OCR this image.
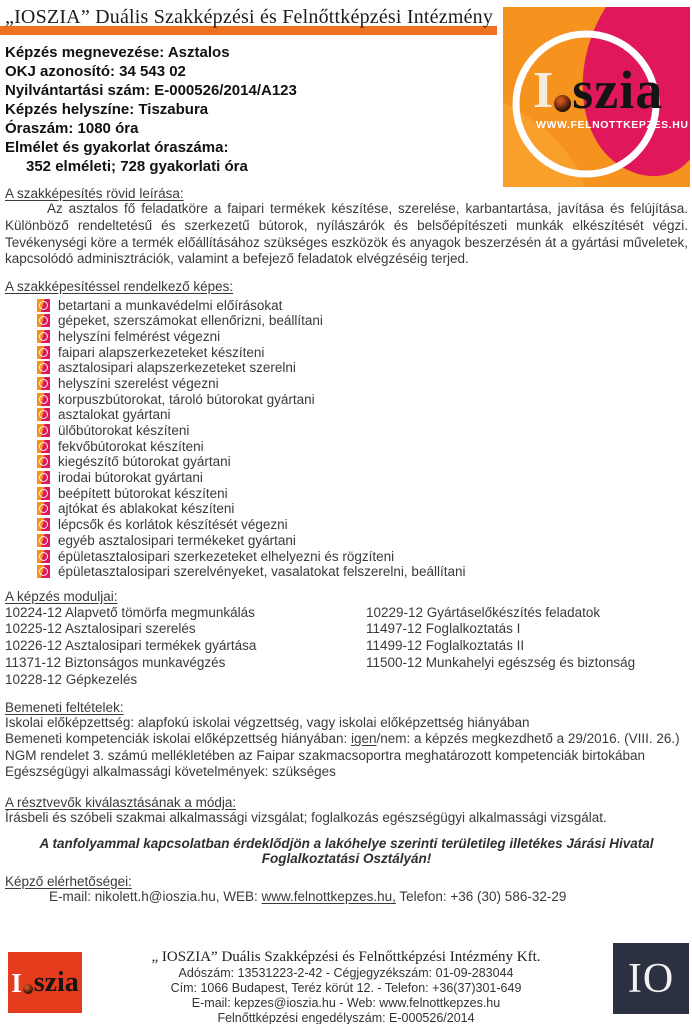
„IOSZIA” Duális Szakképzési és Felnőttképzési Intézmény
I szia
WWW.FELNOTTKEPZES.HU
Képzés megnevezése: Asztalos
OKJ azonosító: 34 543 02
Nyilvántartási szám: E-000526/2014/A123
Képzés helyszíne: Tiszabura
Óraszám: 1080 óra
Elmélet és gyakorlat óraszáma:
352 elméleti; 728 gyakorlati óra
A szakképesítés rövid leírása:
Az asztalos fő feladatköre a faipari termékek készítése, szerelése, karbantartása, javítása és felújítása. Különböző rendeltetésű és szerkezetű bútorok, nyílászárók és belsőépítészeti munkák elkészítését végzi. Tevékenységi köre a termék előállításához szükséges eszközök és anyagok beszerzésén át a gyártási műveletek, kapcsolódó adminisztrációk, valamint a befejező feladatok elvégzéséig terjed.
A szakképesítéssel rendelkező képes:
betartani a munkavédelmi előírásokat
gépeket, szerszámokat ellenőrizni, beállítani
helyszíni felmérést végezni
faipari alapszerkezeteket készíteni
asztalosipari alapszerkezeteket szerelni
helyszíni szerelést végezni
korpuszbútorokat, tároló bútorokat gyártani
asztalokat gyártani
ülőbútorokat készíteni
fekvőbútorokat készíteni
kiegészítő bútorokat gyártani
irodai bútorokat gyártani
beépített bútorokat készíteni
ajtókat és ablakokat készíteni
lépcsők és korlátok készítését végezni
egyéb asztalosipari termékeket gyártani
épületasztalosipari szerkezeteket elhelyezni és rögzíteni
épületasztalosipari szerelvényeket, vasalatokat felszerelni, beállítani
A képzés moduljai:
10224-12 Alapvető tömörfa megmunkálás
10225-12 Asztalosipari szerelés
10226-12 Asztalosipari termékek gyártása
11371-12 Biztonságos munkavégzés
10228-12 Gépkezelés
10229-12 Gyártáselőkészítés feladatok
11497-12 Foglalkoztatás I
11499-12 Foglalkoztatás II
11500-12 Munkahelyi egészség és biztonság
Bemeneti feltételek:
Iskolai előképzettség: alapfokú iskolai végzettség, vagy iskolai előképzettség hiányában
Bemeneti kompetenciák iskolai előképzettség hiányában: igen/nem: a képzés megkezdhető a 29/2016. (VIII. 26.)
NGM rendelet 3. számú mellékletében az Faipar szakmacsoportra meghatározott kompetenciák birtokában
Egészségügyi alkalmassági követelmények: szükséges
A résztvevők kiválasztásának a módja:
Írásbeli és szóbeli szakmai alkalmassági vizsgálat; foglalkozás egészségügyi alkalmassági vizsgálat.
A tanfolyammal kapcsolatban érdeklődjön a lakóhelye szerinti területileg illetékes Járási Hivatal Foglalkoztatási Osztályán!
Képző elérhetőségei:
E-mail: nikolett.h@ioszia.hu, WEB: www.felnottkepzes.hu, Telefon: +36 (30) 586-32-29
I szia
„ IOSZIA” Duális Szakképzési és Felnőttképzési Intézmény Kft.
Adószám: 13531223-2-42 - Cégjegyzékszám: 01-09-283044
Cím: 1066 Budapest, Teréz körút 12. - Telefon: +36(37)301-649
E-mail: kepzes@ioszia.hu - Web: www.felnottkepzes.hu
Felnőttképzési engedélyszám: E-000526/2014
IO
